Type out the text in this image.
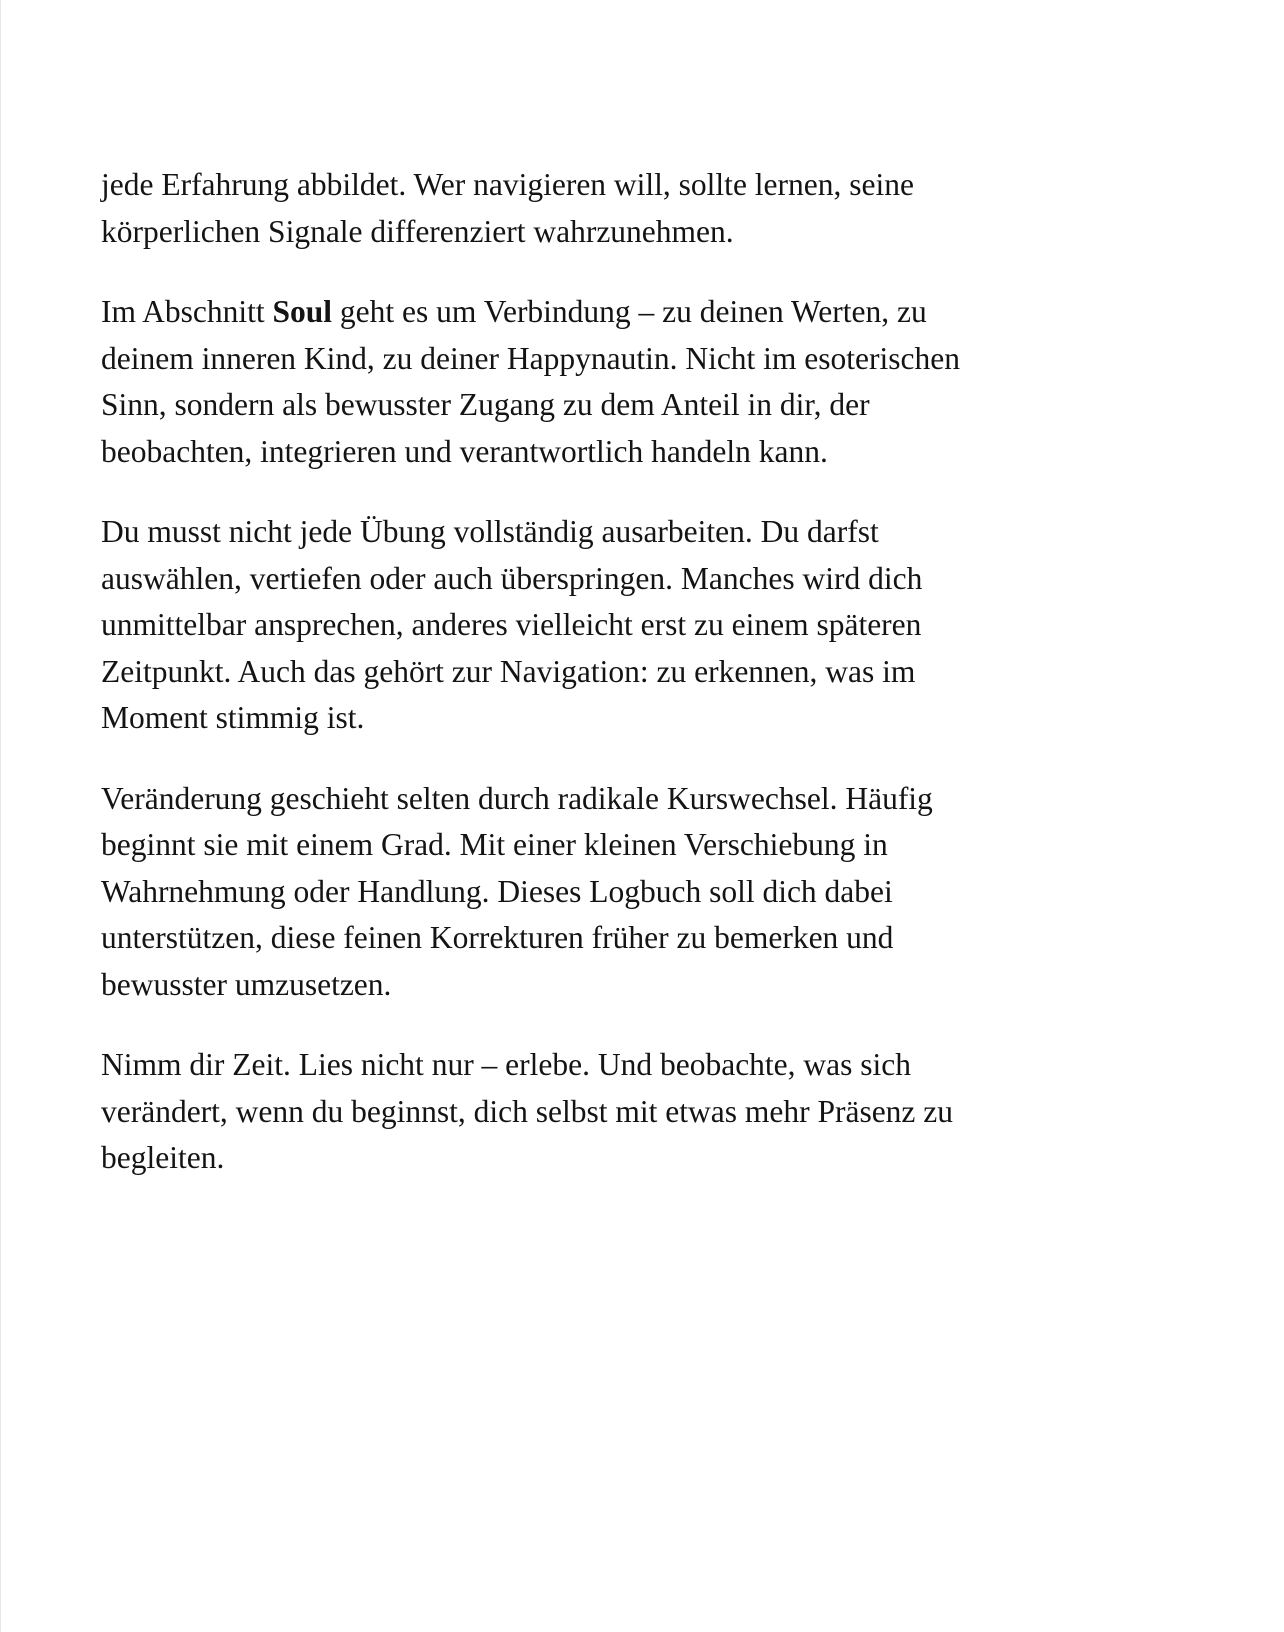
jede Erfahrung abbildet. Wer navigieren will, sollte lernen, seine
körperlichen Signale differenziert wahrzunehmen.

Im Abschnitt Soul geht es um Verbindung – zu deinen Werten, zu
deinem inneren Kind, zu deiner Happynautin. Nicht im esoterischen
Sinn, sondern als bewusster Zugang zu dem Anteil in dir, der
beobachten, integrieren und verantwortlich handeln kann.

Du musst nicht jede Übung vollständig ausarbeiten. Du darfst
auswählen, vertiefen oder auch überspringen. Manches wird dich
unmittelbar ansprechen, anderes vielleicht erst zu einem späteren
Zeitpunkt. Auch das gehört zur Navigation: zu erkennen, was im
Moment stimmig ist.

Veränderung geschieht selten durch radikale Kurswechsel. Häufig
beginnt sie mit einem Grad. Mit einer kleinen Verschiebung in
Wahrnehmung oder Handlung. Dieses Logbuch soll dich dabei
unterstützen, diese feinen Korrekturen früher zu bemerken und
bewusster umzusetzen.

Nimm dir Zeit. Lies nicht nur – erlebe. Und beobachte, was sich
verändert, wenn du beginnst, dich selbst mit etwas mehr Präsenz zu
begleiten.
